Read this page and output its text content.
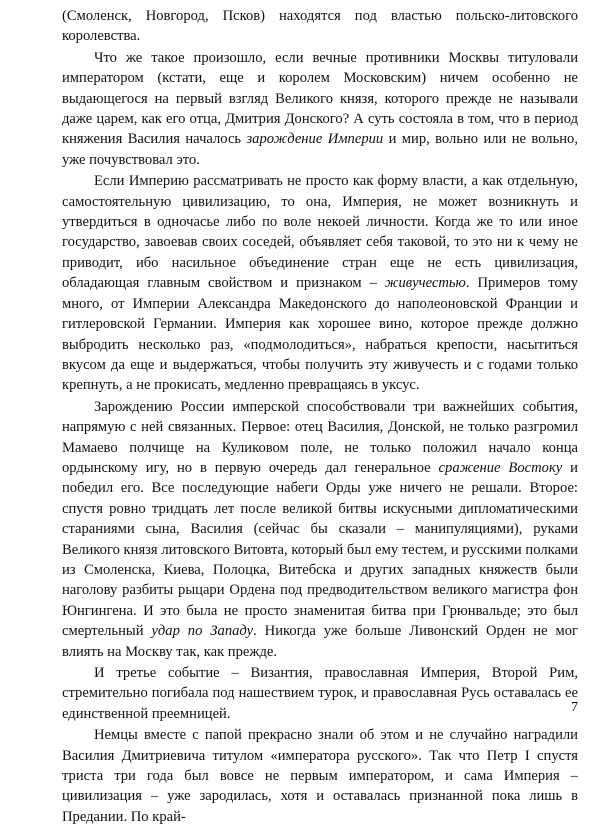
(Смоленск, Новгород, Псков) находятся под властью польско-литовского королевства.

Что же такое произошло, если вечные противники Москвы титуловали императором (кстати, еще и королем Московским) ничем особенно не выдающегося на первый взгляд Великого князя, которого прежде не называли даже царем, как его отца, Дмитрия Донского? А суть состояла в том, что в период княжения Василия началось зарождение Империи и мир, вольно или не вольно, уже почувствовал это.

Если Империю рассматривать не просто как форму власти, а как отдельную, самостоятельную цивилизацию, то она, Империя, не может возникнуть и утвердиться в одночасье либо по воле некоей личности. Когда же то или иное государство, завоевав своих соседей, объявляет себя таковой, то это ни к чему не приводит, ибо насильное объединение стран еще не есть цивилизация, обладающая главным свойством и признаком – живучестью. Примеров тому много, от Империи Александра Македонского до наполеоновской Франции и гитлеровской Германии. Империя как хорошее вино, которое прежде должно выбродить несколько раз, «подмолодиться», набраться крепости, насытиться вкусом да еще и выдержаться, чтобы получить эту живучесть и с годами только крепнуть, а не прокисать, медленно превращаясь в уксус.

Зарождению России имперской способствовали три важнейших события, напрямую с ней связанных. Первое: отец Василия, Донской, не только разгромил Мамаево полчище на Куликовом поле, не только положил начало конца ордынскому игу, но в первую очередь дал генеральное сражение Востоку и победил его. Все последующие набеги Орды уже ничего не решали. Второе: спустя ровно тридцать лет после великой битвы искусными дипломатическими стараниями сына, Василия (сейчас бы сказали – манипуляциями), руками Великого князя литовского Витовта, который был ему тестем, и русскими полками из Смоленска, Киева, Полоцка, Витебска и других западных княжеств были наголову разбиты рыцари Ордена под предводительством великого магистра фон Юнгингена. И это была не просто знаменитая битва при Грюнвальде; это был смертельный удар по Западу. Никогда уже больше Ливонский Орден не мог влиять на Москву так, как прежде.

И третье событие – Византия, православная Империя, Второй Рим, стремительно погибала под нашествием турок, и православная Русь оставалась ее единственной преемницей.

Немцы вместе с папой прекрасно знали об этом и не случайно наградили Василия Дмитриевича титулом «императора русского». Так что Петр I спустя триста три года был вовсе не первым императором, и сама Империя – цивилизация – уже зародилась, хотя и оставалась признанной пока лишь в Предании. По край-

7
